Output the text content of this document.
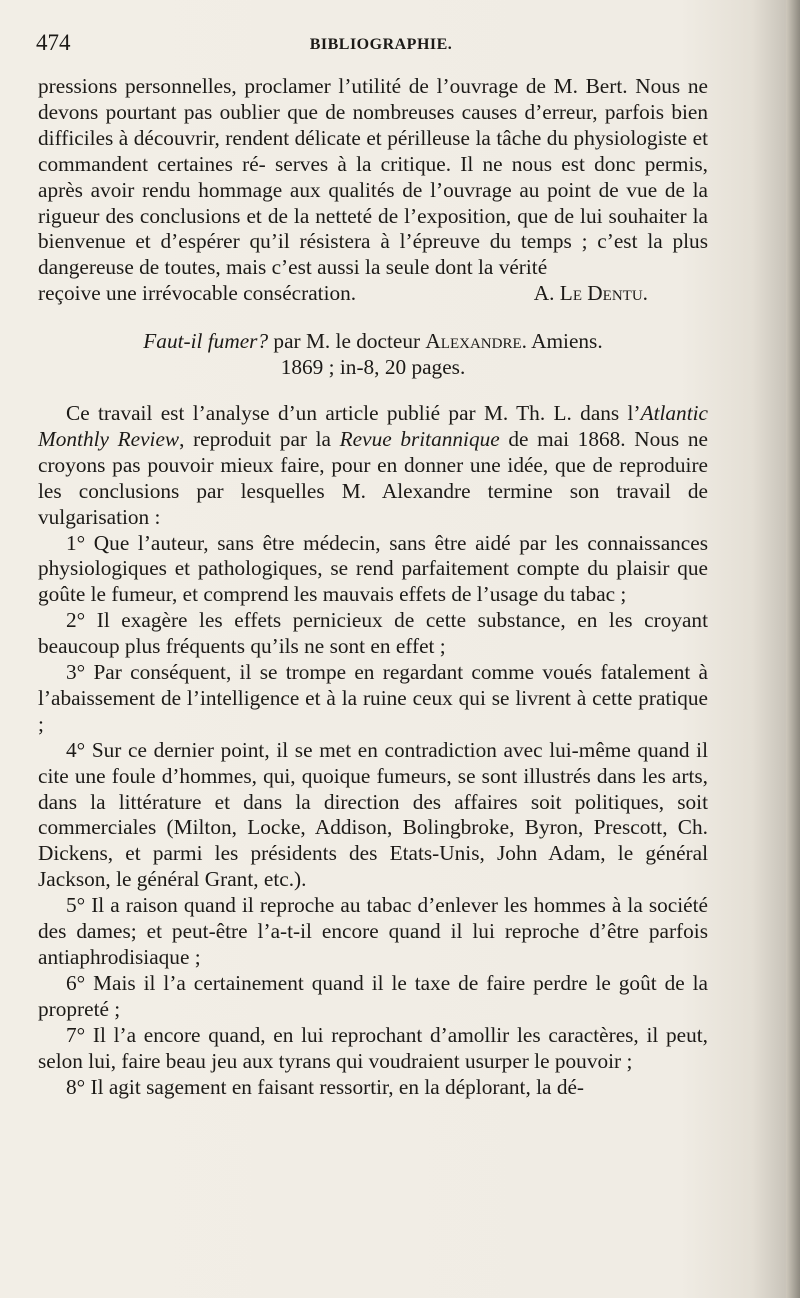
474	BIBLIOGRAPHIE.

pressions personnelles, proclamer l’utilité de l’ouvrage de M. Bert. Nous ne devons pourtant pas oublier que de nombreuses causes d’erreur, parfois bien difficiles à découvrir, rendent délicate et périlleuse la tâche du physiologiste et commandent certaines ré- serves à la critique. Il ne nous est donc permis, après avoir rendu hommage aux qualités de l’ouvrage au point de vue de la rigueur des conclusions et de la netteté de l’exposition, que de lui souhaiter la bienvenue et d’espérer qu’il résistera à l’épreuve du temps ; c’est la plus dangereuse de toutes, mais c’est aussi la seule dont la vérité

reçoive une irrévocable consécration.	A. Le Dentu.
Faut-il fumer? par M. le docteur Alexandre. Amiens.
1869 ; in-8, 20 pages.

Ce travail est l’analyse d’un article publié par M. Th. L. dans l’Atlantic Monthly Review, reproduit par la Revue britannique de mai 1868. Nous ne croyons pas pouvoir mieux faire, pour en donner une idée, que de reproduire les conclusions par lesquelles M. Alexandre termine son travail de vulgarisation :

1° Que l’auteur, sans être médecin, sans être aidé par les connaissances physiologiques et pathologiques, se rend parfaitement compte du plaisir que goûte le fumeur, et comprend les mauvais effets de l’usage du tabac ;

2° Il exagère les effets pernicieux de cette substance, en les croyant beaucoup plus fréquents qu’ils ne sont en effet ;

3° Par conséquent, il se trompe en regardant comme voués fatalement à l’abaissement de l’intelligence et à la ruine ceux qui se livrent à cette pratique ;

4° Sur ce dernier point, il se met en contradiction avec lui-même quand il cite une foule d’hommes, qui, quoique fumeurs, se sont illustrés dans les arts, dans la littérature et dans la direction des affaires soit politiques, soit commerciales (Milton, Locke, Addison, Bolingbroke, Byron, Prescott, Ch. Dickens, et parmi les présidents des Etats-Unis, John Adam, le général Jackson, le général Grant, etc.).

5° Il a raison quand il reproche au tabac d’enlever les hommes à la société des dames; et peut-être l’a-t-il encore quand il lui reproche d’être parfois antiaphrodisiaque ;

6° Mais il l’a certainement quand il le taxe de faire perdre le goût de la propreté ;

7° Il l’a encore quand, en lui reprochant d’amollir les caractères, il peut, selon lui, faire beau jeu aux tyrans qui voudraient usurper le pouvoir ;

8° Il agit sagement en faisant ressortir, en la déplorant, la dé-
